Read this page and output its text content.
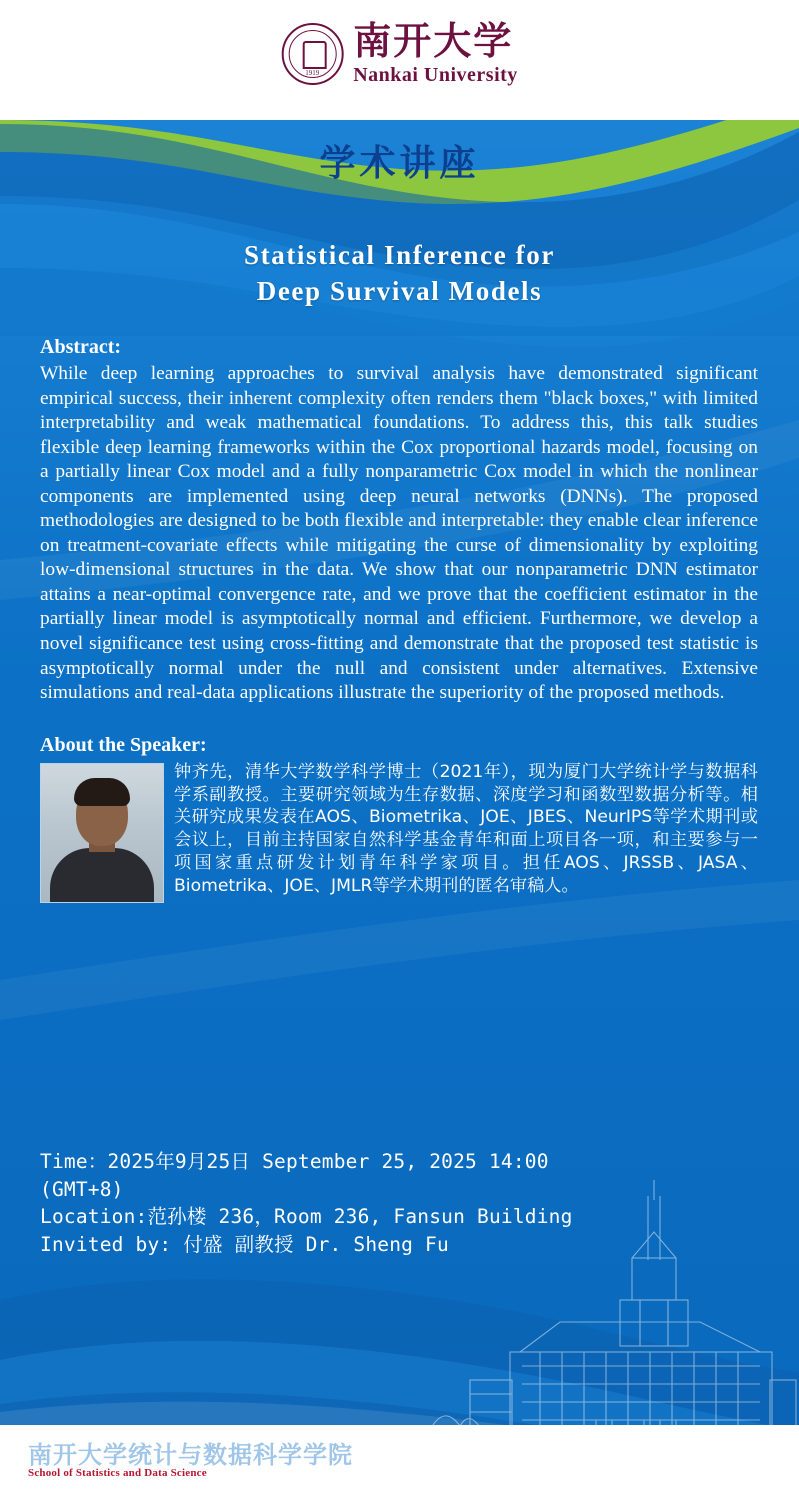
1919
南开大学
Nankai University
学术讲座
Statistical Inference for
Deep Survival Models
Abstract:
While deep learning approaches to survival analysis have demonstrated significant empirical success, their inherent complexity often renders them "black boxes," with limited interpretability and weak mathematical foundations. To address this, this talk studies flexible deep learning frameworks within the Cox proportional hazards model, focusing on a partially linear Cox model and a fully nonparametric Cox model in which the nonlinear components are implemented using deep neural networks (DNNs). The proposed methodologies are designed to be both flexible and interpretable: they enable clear inference on treatment-covariate effects while mitigating the curse of dimensionality by exploiting low-dimensional structures in the data. We show that our nonparametric DNN estimator attains a near-optimal convergence rate, and we prove that the coefficient estimator in the partially linear model is asymptotically normal and efficient. Furthermore, we develop a novel significance test using cross-fitting and demonstrate that the proposed test statistic is asymptotically normal under the null and consistent under alternatives. Extensive simulations and real-data applications illustrate the superiority of the proposed methods.
About the Speaker:
钟齐先，清华大学数学科学博士（2021年），现为厦门大学统计学与数据科学系副教授。主要研究领域为生存数据、深度学习和函数型数据分析等。相关研究成果发表在AOS、Biometrika、JOE、JBES、NeurIPS等学术期刊或会议上，目前主持国家自然科学基金青年和面上项目各一项，和主要参与一项国家重点研发计划青年科学家项目。担任AOS、JRSSB、JASA、Biometrika、JOE、JMLR等学术期刊的匿名审稿人。
Time：2025年9月25日 September 25, 2025 14:00
(GMT+8)
Location:范孙楼 236，Room 236, Fansun Building
Invited by: 付盛 副教授 Dr. Sheng Fu
南开大学统计与数据科学学院
School of Statistics and Data Science
